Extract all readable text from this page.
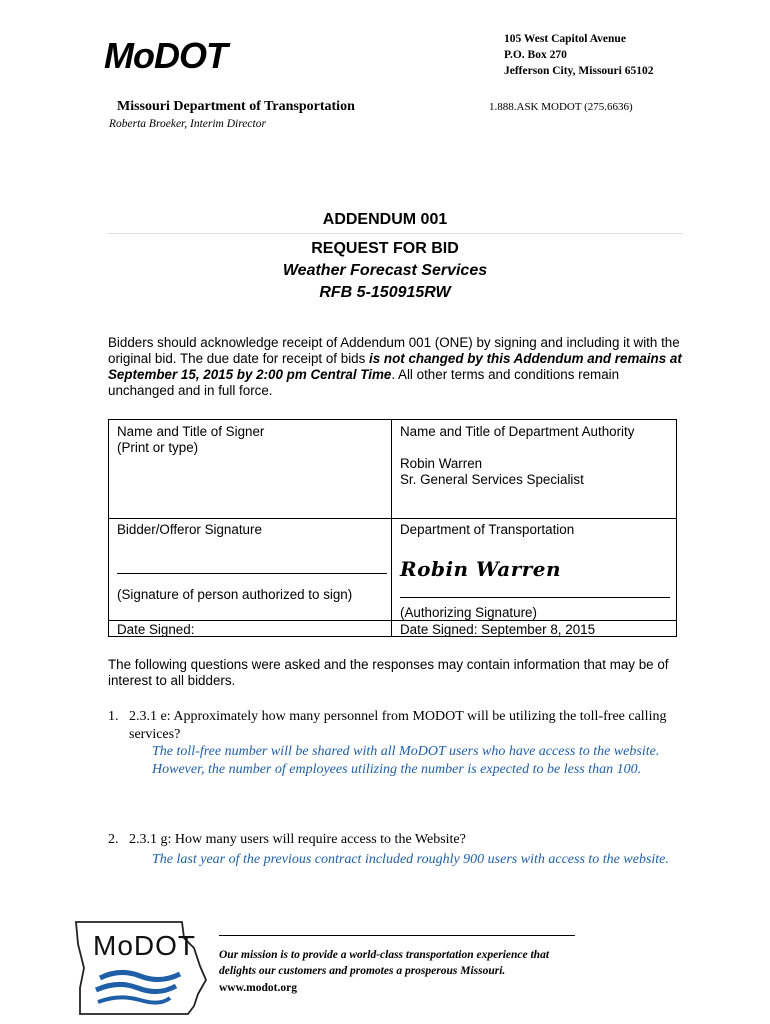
MoDOT	105 West Capitol Avenue
P.O. Box 270
Jefferson City, Missouri 65102
Missouri Department of Transportation
Roberta Broeker, Interim Director
1.888.ASK MODOT (275.6636)
ADDENDUM 001
REQUEST FOR BID
Weather Forecast Services
RFB 5-150915RW
Bidders should acknowledge receipt of Addendum 001 (ONE) by signing and including it with the original bid. The due date for receipt of bids is not changed by this Addendum and remains at September 15, 2015 by 2:00 pm Central Time. All other terms and conditions remain unchanged and in full force.
Name and Title of Signer
(Print or type)
Name and Title of Department Authority
Robin Warren
Sr. General Services Specialist
Bidder/Offeror Signature
(Signature of person authorized to sign)
Department of Transportation
Robin Warren
(Authorizing Signature)
Date Signed:	Date Signed: September 8, 2015
The following questions were asked and the responses may contain information that may be of interest to all bidders.
1. 2.3.1 e: Approximately how many personnel from MODOT will be utilizing the toll-free calling services?
The toll-free number will be shared with all MoDOT users who have access to the website. However, the number of employees utilizing the number is expected to be less than 100.
2. 2.3.1 g: How many users will require access to the Website?
The last year of the previous contract included roughly 900 users with access to the website.
MoDOT Our mission is to provide a world-class transportation experience that
delights our customers and promotes a prosperous Missouri.
www.modot.org
